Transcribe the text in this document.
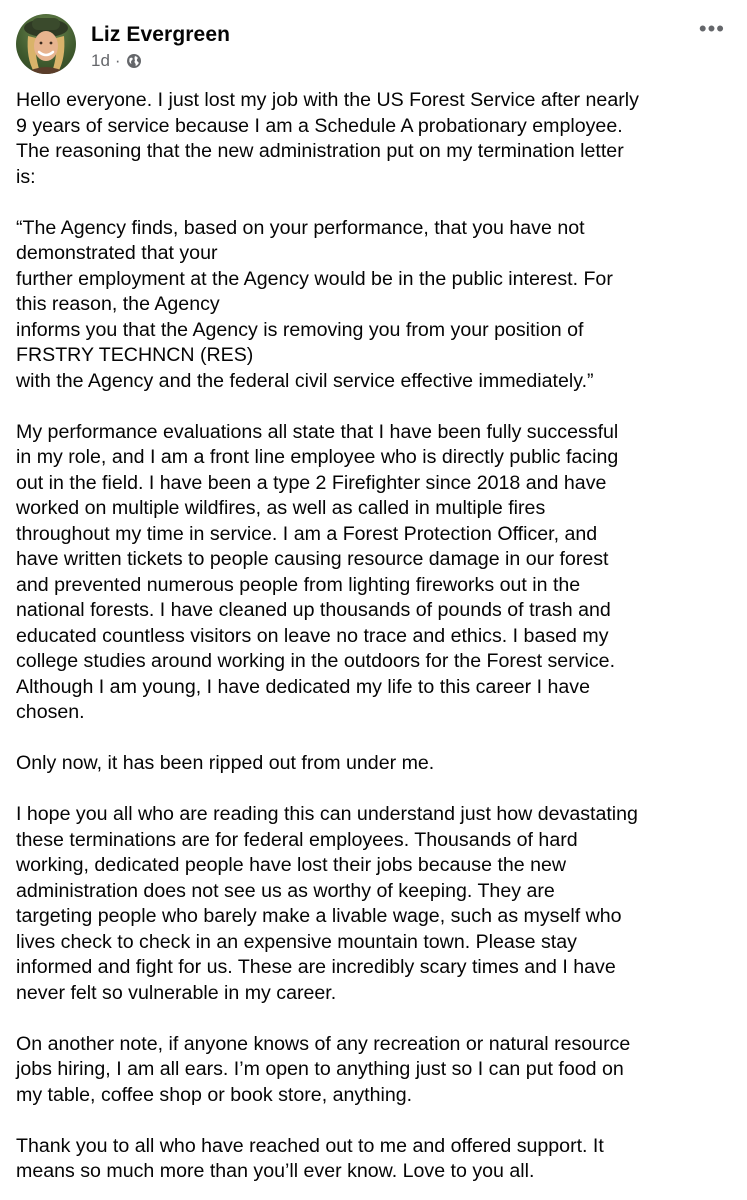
Liz Evergreen
1d ·
•••

Hello everyone. I just lost my job with the US Forest Service after nearly
9 years of service because I am a Schedule A probationary employee.
The reasoning that the new administration put on my termination letter
is:

“The Agency finds, based on your performance, that you have not
demonstrated that your
further employment at the Agency would be in the public interest. For
this reason, the Agency
informs you that the Agency is removing you from your position of
FRSTRY TECHNCN (RES)
with the Agency and the federal civil service effective immediately.”

My performance evaluations all state that I have been fully successful
in my role, and I am a front line employee who is directly public facing
out in the field. I have been a type 2 Firefighter since 2018 and have
worked on multiple wildfires, as well as called in multiple fires
throughout my time in service. I am a Forest Protection Officer, and
have written tickets to people causing resource damage in our forest
and prevented numerous people from lighting fireworks out in the
national forests. I have cleaned up thousands of pounds of trash and
educated countless visitors on leave no trace and ethics. I based my
college studies around working in the outdoors for the Forest service.
Although I am young, I have dedicated my life to this career I have
chosen.

Only now, it has been ripped out from under me.

I hope you all who are reading this can understand just how devastating
these terminations are for federal employees. Thousands of hard
working, dedicated people have lost their jobs because the new
administration does not see us as worthy of keeping. They are
targeting people who barely make a livable wage, such as myself who
lives check to check in an expensive mountain town. Please stay
informed and fight for us. These are incredibly scary times and I have
never felt so vulnerable in my career.

On another note, if anyone knows of any recreation or natural resource
jobs hiring, I am all ears. I’m open to anything just so I can put food on
my table, coffee shop or book store, anything.

Thank you to all who have reached out to me and offered support. It
means so much more than you’ll ever know. Love to you all.
